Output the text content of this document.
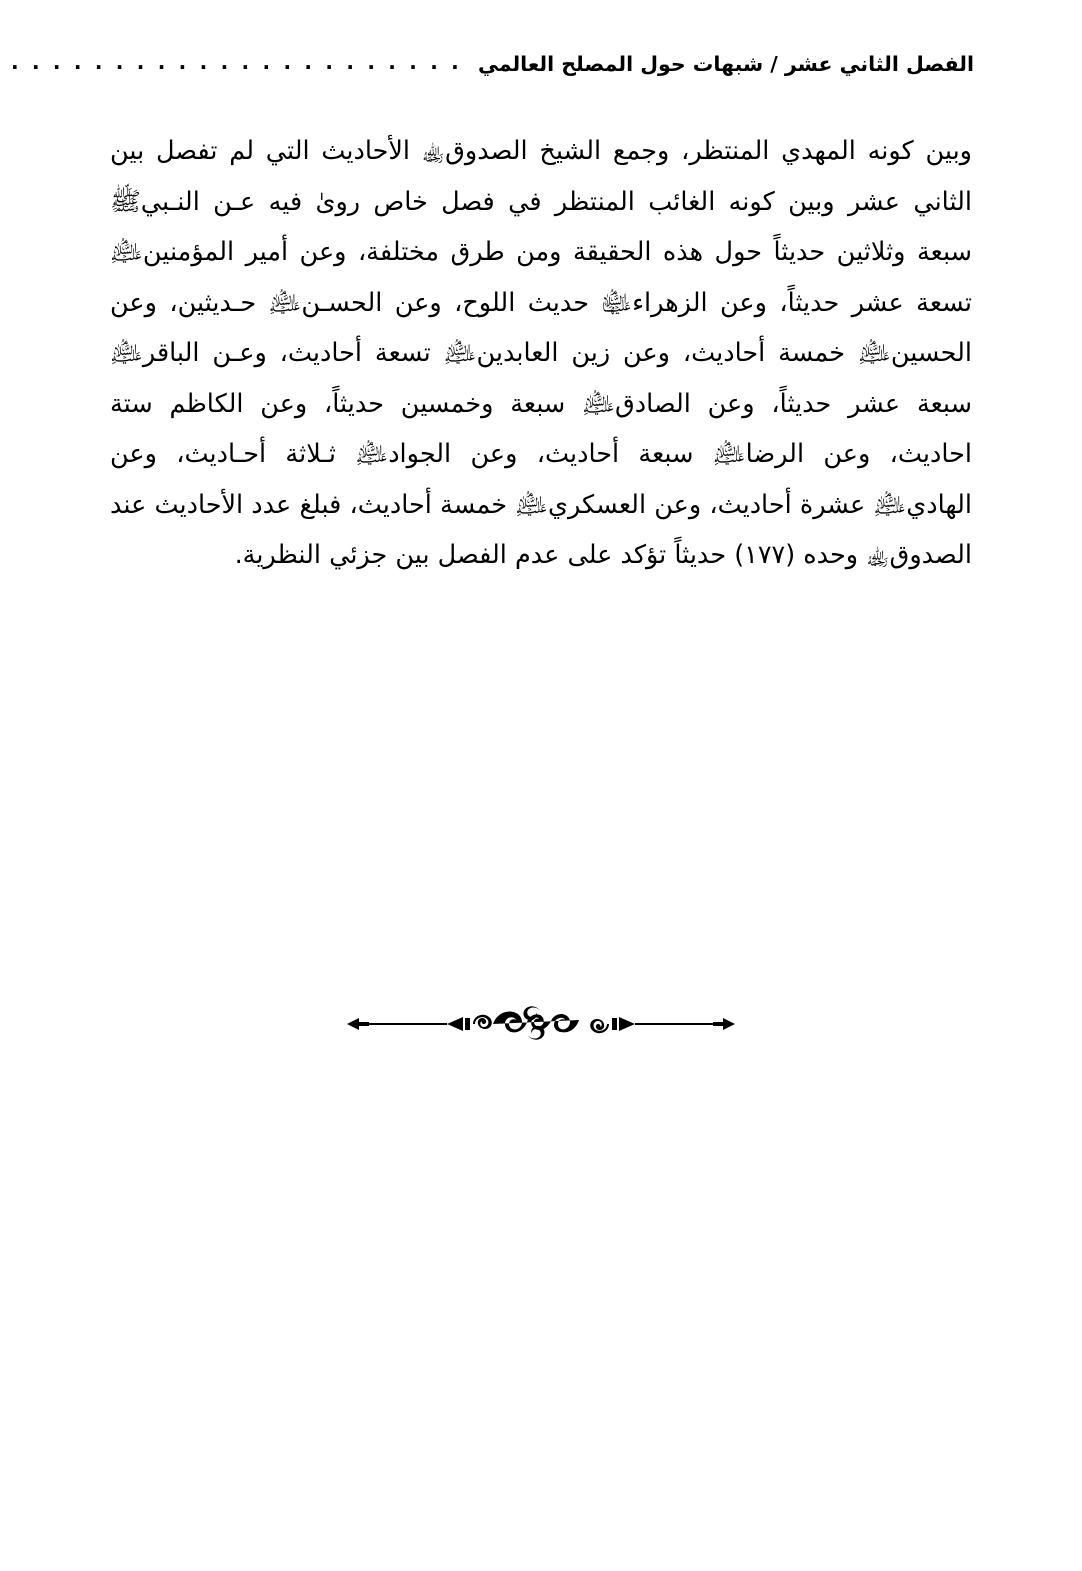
الفصل الثاني عشر / شبهات حول المصلح العالمي
. . . . . . . . . . . . . . . . . . . . . .

وبين كونه المهدي المنتظر، وجمع الشيخ الصدوق﵀ الأحاديث التي لم تفصل بين الثاني عشر وبين كونه الغائب المنتظر في فصل خاص روىٰ فيه عـن النـبيﷺ سبعة وثلاثين حديثاً حول هذه الحقيقة ومن طرق مختلفة، وعن أمير المؤمنين﵇ تسعة عشر حديثاً، وعن الزهراء﵍ حديث اللوح، وعن الحسـن﵇ حـديثين، وعن الحسين﵇ خمسة أحاديث، وعن زين العابدين﵇ تسعة أحاديث، وعـن الباقر﵇ سبعة عشر حديثاً، وعن الصادق﵇ سبعة وخمسين حديثاً، وعن الكاظم ستة احاديث، وعن الرضا﵇ سبعة أحاديث، وعن الجواد﵇ ثـلاثة أحـاديث، وعن الهادي﵇ عشرة أحاديث، وعن العسكري﵇ خمسة أحاديث، فبلغ عدد الأحاديث عند الصدوق﵀ وحده (١٧٧) حديثاً تؤكد على عدم الفصل بين جزئي النظرية.
